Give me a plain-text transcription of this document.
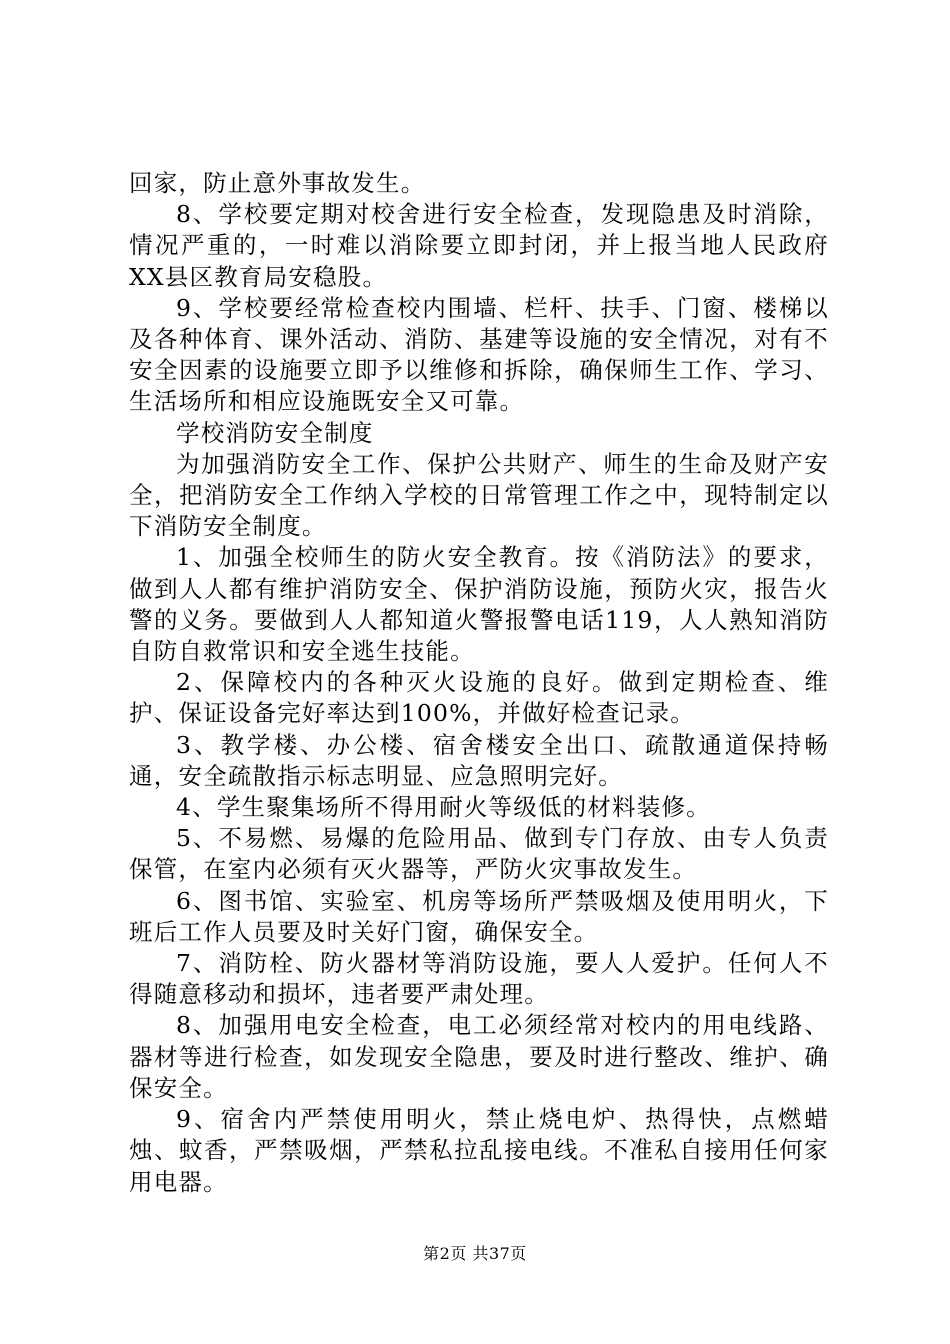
回家，防止意外事故发生。

8、学校要定期对校舍进行安全检查，发现隐患及时消除，情况严重的，一时难以消除要立即封闭，并上报当地人民政府XX县区教育局安稳股。

9、学校要经常检查校内围墙、栏杆、扶手、门窗、楼梯以及各种体育、课外活动、消防、基建等设施的安全情况，对有不安全因素的设施要立即予以维修和拆除，确保师生工作、学习、生活场所和相应设施既安全又可靠。

学校消防安全制度

为加强消防安全工作、保护公共财产、师生的生命及财产安全，把消防安全工作纳入学校的日常管理工作之中，现特制定以下消防安全制度。

1、加强全校师生的防火安全教育。按《消防法》的要求，做到人人都有维护消防安全、保护消防设施，预防火灾，报告火警的义务。要做到人人都知道火警报警电话119，人人熟知消防自防自救常识和安全逃生技能。

2、保障校内的各种灭火设施的良好。做到定期检查、维护、保证设备完好率达到100%，并做好检查记录。

3、教学楼、办公楼、宿舍楼安全出口、疏散通道保持畅通，安全疏散指示标志明显、应急照明完好。

4、学生聚集场所不得用耐火等级低的材料装修。

5、不易燃、易爆的危险用品、做到专门存放、由专人负责保管，在室内必须有灭火器等，严防火灾事故发生。

6、图书馆、实验室、机房等场所严禁吸烟及使用明火，下班后工作人员要及时关好门窗，确保安全。

7、消防栓、防火器材等消防设施，要人人爱护。任何人不得随意移动和损坏，违者要严肃处理。

8、加强用电安全检查，电工必须经常对校内的用电线路、器材等进行检查，如发现安全隐患，要及时进行整改、维护、确保安全。

9、宿舍内严禁使用明火，禁止烧电炉、热得快，点燃蜡烛、蚊香，严禁吸烟，严禁私拉乱接电线。不准私自接用任何家用电器。

第2页 共37页
